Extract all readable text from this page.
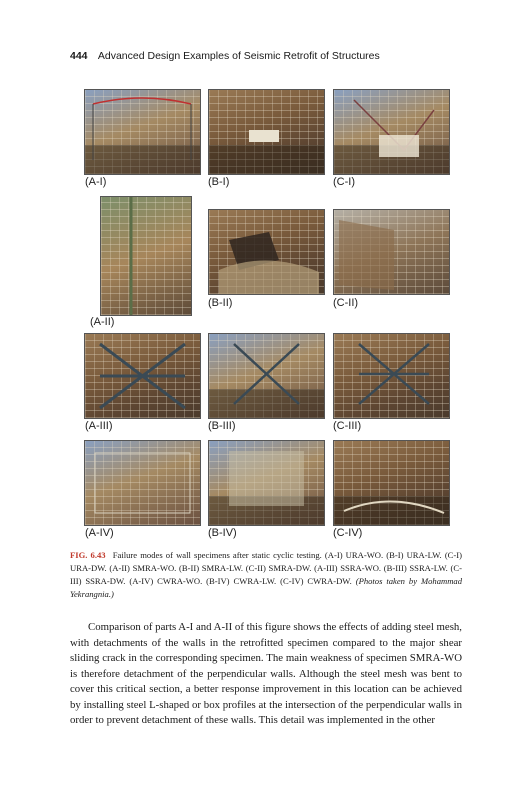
444 Advanced Design Examples of Seismic Retrofit of Structures
(A-I)	(B-I)	(C-I)
(A-II)
(B-II)	(C-II)
(A-III)	(B-III)	(C-III)
(A-IV)	(B-IV)	(C-IV)
FIG. 6.43 Failure modes of wall specimens after static cyclic testing. (A-I) URA-WO. (B-I) URA-LW. (C-I) URA-DW. (A-II) SMRA-WO. (B-II) SMRA-LW. (C-II) SMRA-DW. (A-III) SSRA-WO. (B-III) SSRA-LW. (C-III) SSRA-DW. (A-IV) CWRA-WO. (B-IV) CWRA-LW. (C-IV) CWRA-DW. (Photos taken by Mohammad Yekrangnia.)

Comparison of parts A-I and A-II of this figure shows the effects of adding steel mesh, with detachments of the walls in the retrofitted specimen compared to the major shear sliding crack in the corresponding specimen. The main weakness of specimen SMRA-WO is therefore detachment of the perpendicular walls. Although the steel mesh was bent to cover this critical section, a better response improvement in this location can be achieved by installing steel L-shaped or box profiles at the intersection of the perpendicular walls in order to prevent detachment of these walls. This detail was implemented in the other
